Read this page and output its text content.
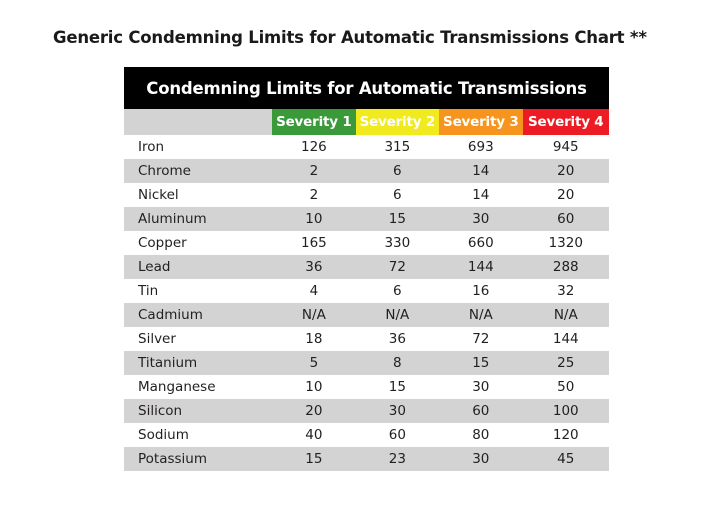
Generic Condemning Limits for Automatic Transmissions Chart **
Condemning Limits for Automatic Transmissions
Severity 1 Severity 2 Severity 3 Severity 4
Iron	126	315	693	945
Chrome	2	6	14	20
Nickel	2	6	14	20
Aluminum	10	15	30	60
Copper	165	330	660	1320
Lead	36	72	144	288
Tin	4	6	16	32
Cadmium	N/A	N/A	N/A	N/A
Silver	18	36	72	144
Titanium	5	8	15	25
Manganese	10	15	30	50
Silicon	20	30	60	100
Sodium	40	60	80	120
Potassium	15	23	30	45
